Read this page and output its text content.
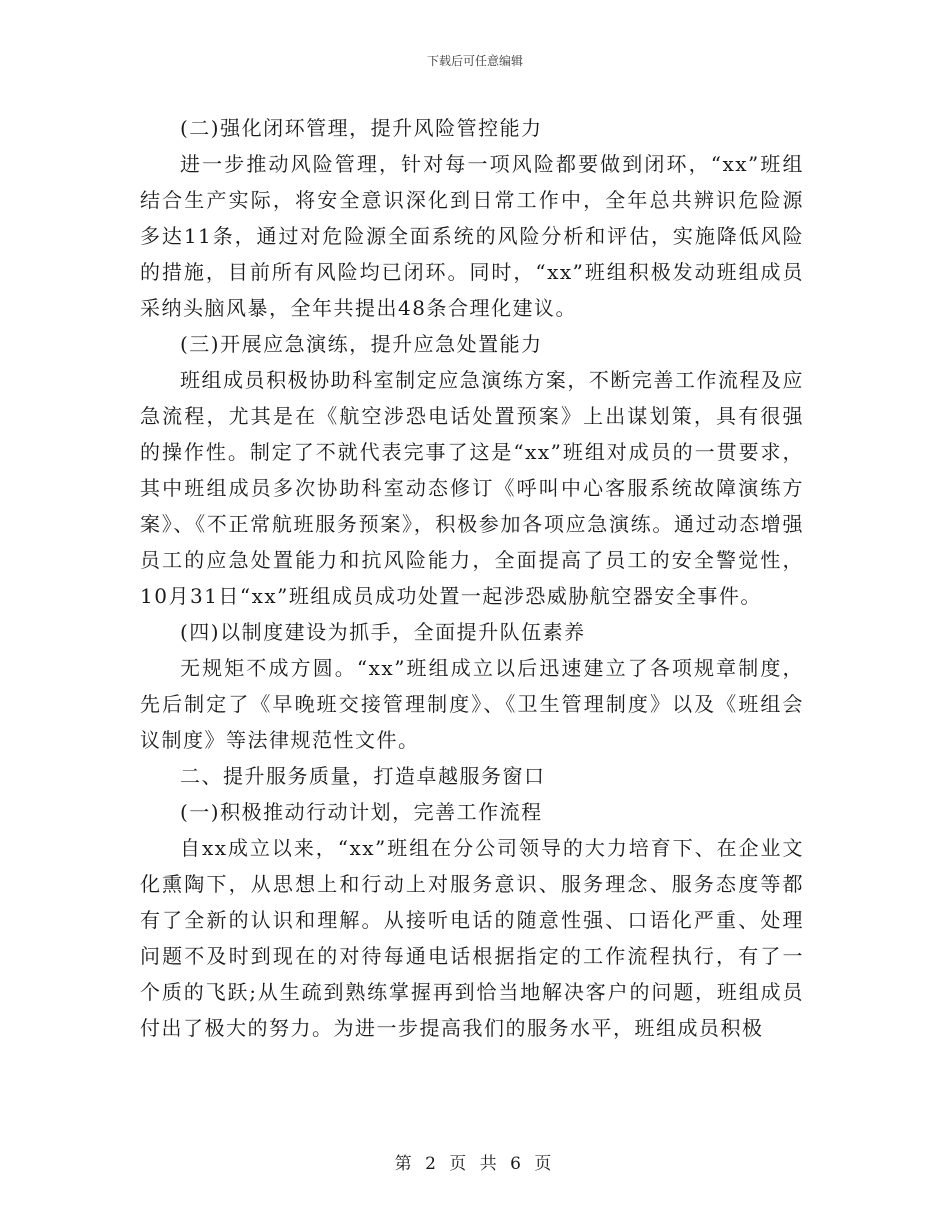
下载后可任意编辑

(二)强化闭环管理，提升风险管控能力

进一步推动风险管理，针对每一项风险都要做到闭环，“xx”班组结合生产实际，将安全意识深化到日常工作中，全年总共辨识危险源多达11条，通过对危险源全面系统的风险分析和评估，实施降低风险的措施，目前所有风险均已闭环。同时，“xx”班组积极发动班组成员采纳头脑风暴，全年共提出48条合理化建议。

(三)开展应急演练，提升应急处置能力

班组成员积极协助科室制定应急演练方案，不断完善工作流程及应急流程，尤其是在《航空涉恐电话处置预案》上出谋划策，具有很强的操作性。制定了不就代表完事了这是“xx”班组对成员的一贯要求，其中班组成员多次协助科室动态修订《呼叫中心客服系统故障演练方案》、《不正常航班服务预案》，积极参加各项应急演练。通过动态增强员工的应急处置能力和抗风险能力，全面提高了员工的安全警觉性，10月31日“xx”班组成员成功处置一起涉恐威胁航空器安全事件。

(四)以制度建设为抓手，全面提升队伍素养

无规矩不成方圆。“xx”班组成立以后迅速建立了各项规章制度，先后制定了《早晚班交接管理制度》、《卫生管理制度》以及《班组会议制度》等法律规范性文件。

二、提升服务质量，打造卓越服务窗口

(一)积极推动行动计划，完善工作流程

自xx成立以来，“xx”班组在分公司领导的大力培育下、在企业文化熏陶下，从思想上和行动上对服务意识、服务理念、服务态度等都有了全新的认识和理解。从接听电话的随意性强、口语化严重、处理问题不及时到现在的对待每通电话根据指定的工作流程执行，有了一个质的飞跃;从生疏到熟练掌握再到恰当地解决客户的问题，班组成员付出了极大的努力。为进一步提高我们的服务水平，班组成员积极

第 2 页 共 6 页
